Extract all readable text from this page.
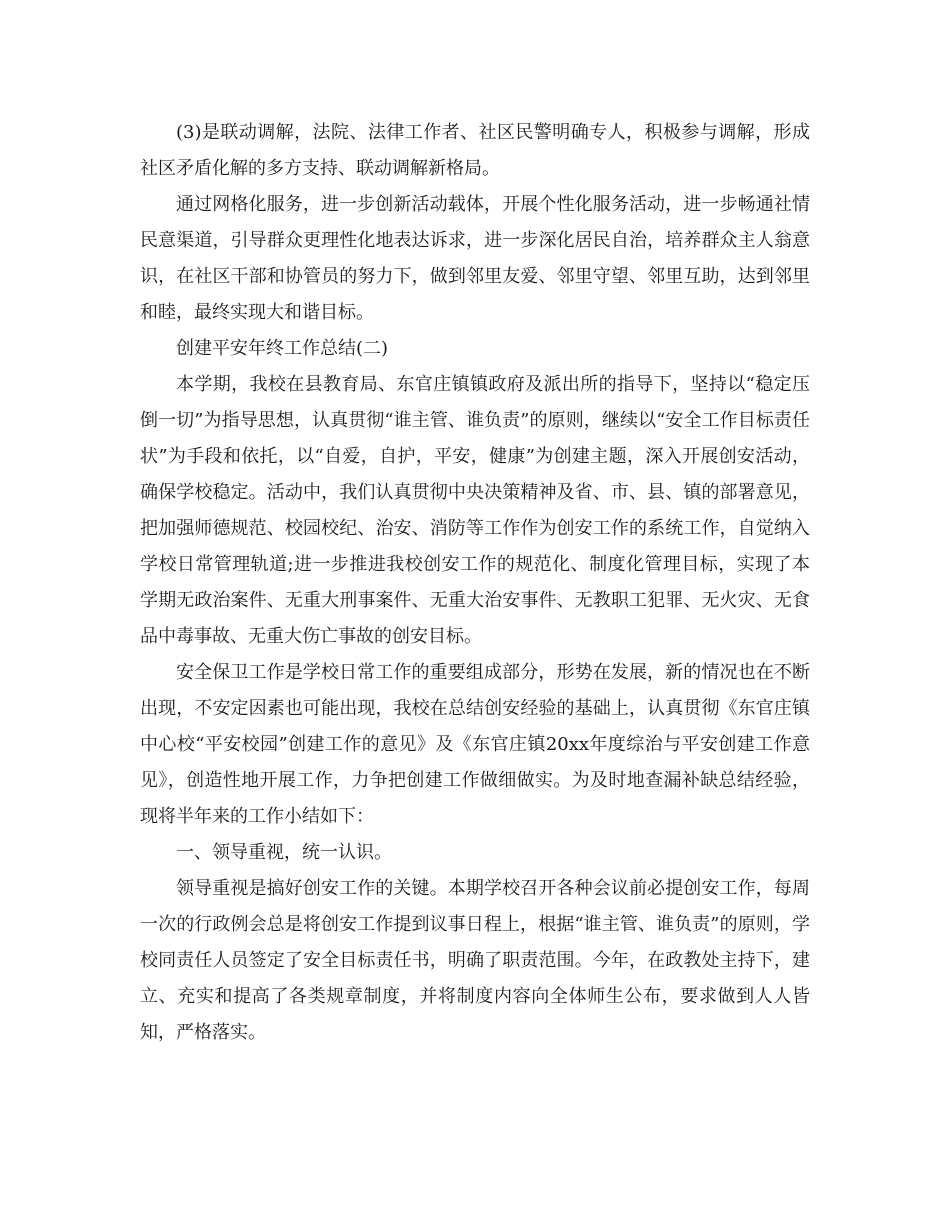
(3)是联动调解，法院、法律工作者、社区民警明确专人，积极参与调解，形成社区矛盾化解的多方支持、联动调解新格局。

通过网格化服务，进一步创新活动载体，开展个性化服务活动，进一步畅通社情民意渠道，引导群众更理性化地表达诉求，进一步深化居民自治，培养群众主人翁意识，在社区干部和协管员的努力下，做到邻里友爱、邻里守望、邻里互助，达到邻里和睦，最终实现大和谐目标。

创建平安年终工作总结(二)

本学期，我校在县教育局、东官庄镇镇政府及派出所的指导下，坚持以“稳定压倒一切”为指导思想，认真贯彻“谁主管、谁负责”的原则，继续以“安全工作目标责任状”为手段和依托，以“自爱，自护，平安，健康”为创建主题，深入开展创安活动，确保学校稳定。活动中，我们认真贯彻中央决策精神及省、市、县、镇的部署意见，把加强师德规范、校园校纪、治安、消防等工作作为创安工作的系统工作，自觉纳入学校日常管理轨道;进一步推进我校创安工作的规范化、制度化管理目标，实现了本学期无政治案件、无重大刑事案件、无重大治安事件、无教职工犯罪、无火灾、无食品中毒事故、无重大伤亡事故的创安目标。

安全保卫工作是学校日常工作的重要组成部分，形势在发展，新的情况也在不断出现，不安定因素也可能出现，我校在总结创安经验的基础上，认真贯彻《东官庄镇中心校“平安校园”创建工作的意见》及《东官庄镇20xx年度综治与平安创建工作意见》，创造性地开展工作，力争把创建工作做细做实。为及时地查漏补缺总结经验，现将半年来的工作小结如下：

一、领导重视，统一认识。

领导重视是搞好创安工作的关键。本期学校召开各种会议前必提创安工作，每周一次的行政例会总是将创安工作提到议事日程上，根据“谁主管、谁负责”的原则，学校同责任人员签定了安全目标责任书，明确了职责范围。今年，在政教处主持下，建立、充实和提高了各类规章制度，并将制度内容向全体师生公布，要求做到人人皆知，严格落实。
